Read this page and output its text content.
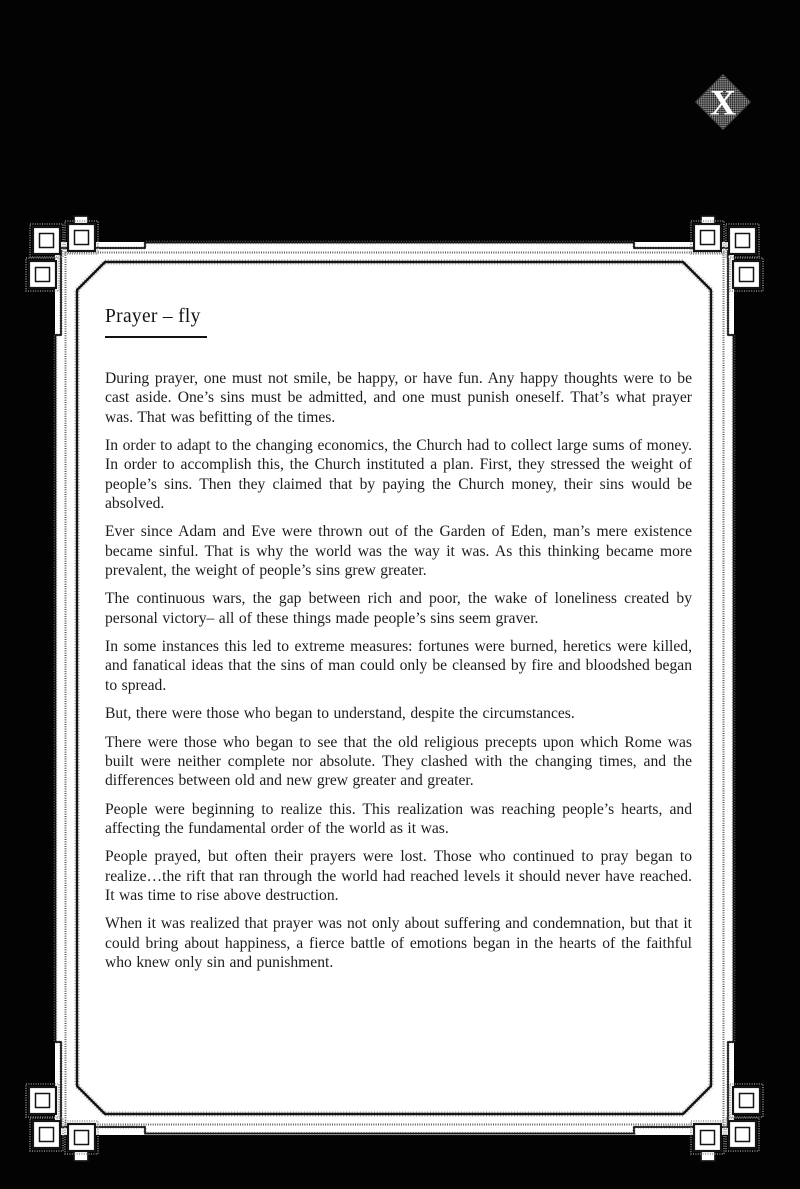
X
Prayer – fly

During prayer, one must not smile, be happy, or have fun. Any happy thoughts were to be cast aside. One’s sins must be admitted, and one must punish oneself. That’s what prayer was. That was befitting of the times.

In order to adapt to the changing economics, the Church had to collect large sums of money. In order to accomplish this, the Church instituted a plan. First, they stressed the weight of people’s sins. Then they claimed that by paying the Church money, their sins would be absolved.

Ever since Adam and Eve were thrown out of the Garden of Eden, man’s mere existence became sinful. That is why the world was the way it was. As this thinking became more prevalent, the weight of people’s sins grew greater.

The continuous wars, the gap between rich and poor, the wake of loneliness created by personal victory– all of these things made people’s sins seem graver.

In some instances this led to extreme measures: fortunes were burned, heretics were killed, and fanatical ideas that the sins of man could only be cleansed by fire and bloodshed began to spread.

But, there were those who began to understand, despite the circumstances.

There were those who began to see that the old religious precepts upon which Rome was built were neither complete nor absolute. They clashed with the changing times, and the differences between old and new grew greater and greater.

People were beginning to realize this. This realization was reaching people’s hearts, and affecting the fundamental order of the world as it was.

People prayed, but often their prayers were lost. Those who continued to pray began to realize…the rift that ran through the world had reached levels it should never have reached. It was time to rise above destruction.

When it was realized that prayer was not only about suffering and condemnation, but that it could bring about happiness, a fierce battle of emotions began in the hearts of the faithful who knew only sin and punishment.
